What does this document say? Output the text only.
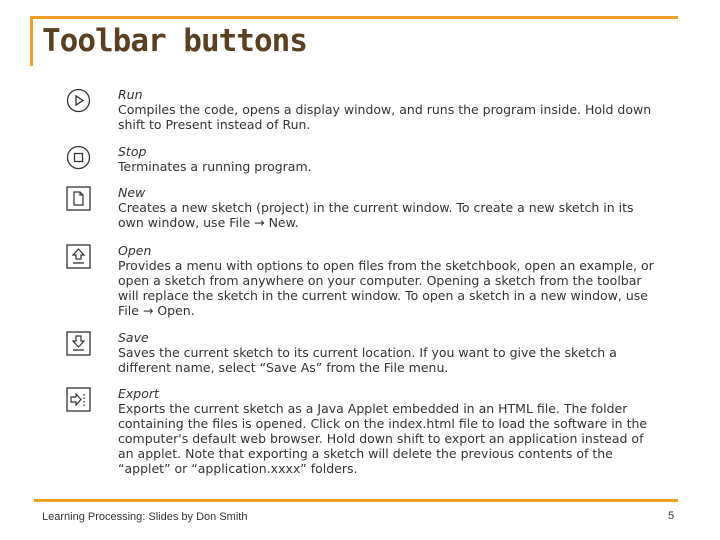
Toolbar buttons
Run
Compiles the code, opens a display window, and runs the program inside. Hold down
shift to Present instead of Run.
Stop
Terminates a running program.
New
Creates a new sketch (project) in the current window. To create a new sketch in its
own window, use File → New.
Open
Provides a menu with options to open files from the sketchbook, open an example, or
open a sketch from anywhere on your computer. Opening a sketch from the toolbar
will replace the sketch in the current window. To open a sketch in a new window, use
File → Open.
Save
Saves the current sketch to its current location. If you want to give the sketch a
different name, select “Save As” from the File menu.
Export
Exports the current sketch as a Java Applet embedded in an HTML file. The folder
containing the files is opened. Click on the index.html file to load the software in the
computer's default web browser. Hold down shift to export an application instead of
an applet. Note that exporting a sketch will delete the previous contents of the
“applet” or “application.xxxx” folders.
Learning Processing: Slides by Don Smith	5
